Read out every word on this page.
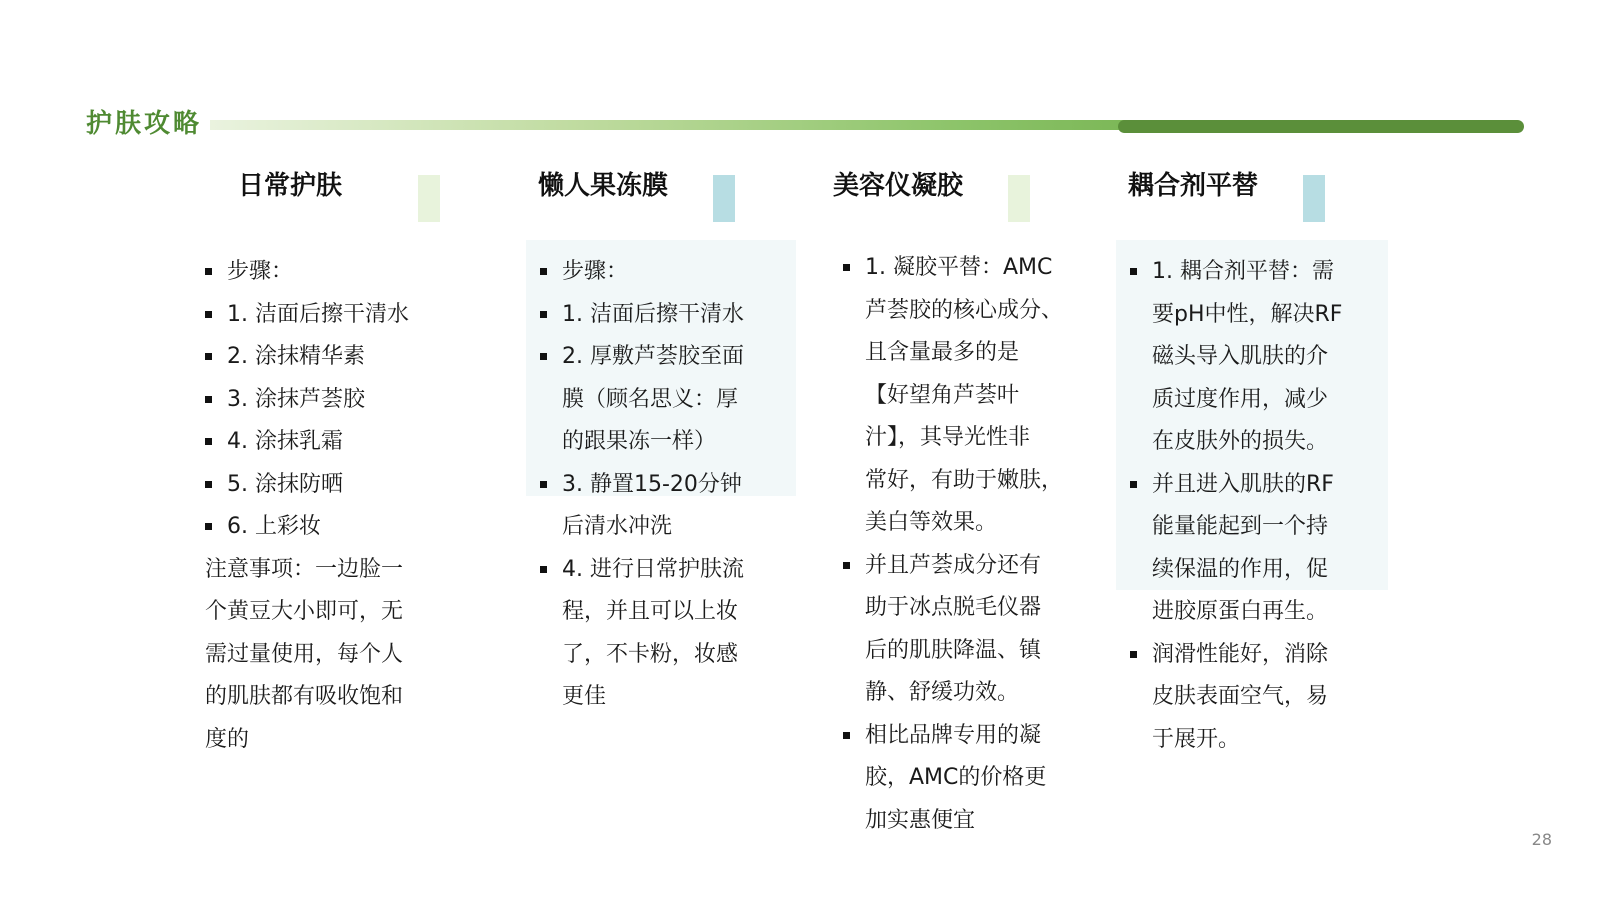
护肤攻略
日常护肤
步骤：
1. 洁面后擦干清水
2. 涂抹精华素
3. 涂抹芦荟胶
4. 涂抹乳霜
5. 涂抹防晒
6. 上彩妆

注意事项：一边脸一

个黄豆大小即可，无

需过量使用，每个人

的肌肤都有吸收饱和

度的

懒人果冻膜
步骤：
1. 洁面后擦干清水
2. 厚敷芦荟胶至面
膜（顾名思义：厚
的跟果冻一样）
3. 静置15-20分钟
后清水冲洗
4. 进行日常护肤流
程，并且可以上妆
了，不卡粉，妆感
更佳
美容仪凝胶
1. 凝胶平替：AMC
芦荟胶的核心成分、
且含量最多的是
【好望角芦荟叶
汁】，其导光性非
常好，有助于嫩肤，
美白等效果。
并且芦荟成分还有
助于冰点脱毛仪器
后的肌肤降温、镇
静、舒缓功效。
相比品牌专用的凝
胶，AMC的价格更
加实惠便宜
耦合剂平替
1. 耦合剂平替：需
要pH中性，解决RF
磁头导入肌肤的介
质过度作用，减少
在皮肤外的损失。
并且进入肌肤的RF
能量能起到一个持
续保温的作用，促
进胶原蛋白再生。
润滑性能好，消除
皮肤表面空气，易
于展开。
28
